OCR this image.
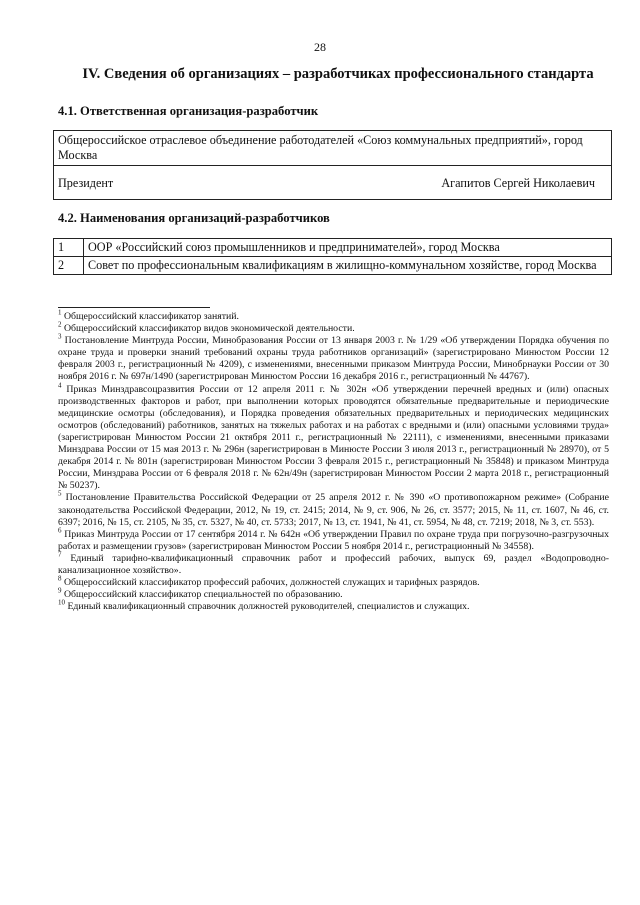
28
IV. Сведения об организациях – разработчиках профессионального стандарта
4.1. Ответственная организация-разработчик
Общероссийское отраслевое объединение работодателей «Союз коммунальных предприятий», город Москва

Президент	Агапитов Сергей Николаевич
4.2. Наименования организаций-разработчиков
1	ООР «Российский союз промышленников и предпринимателей», город Москва
2	Совет по профессиональным квалификациям в жилищно-коммунальном хозяйстве, город Москва

$^1$ Общероссийский классификатор занятий.

$^2$ Общероссийский классификатор видов экономической деятельности.

$^3$ Постановление Минтруда России, Минобразования России от 13 января 2003 г. № 1/29 «Об утверждении Порядка обучения по охране труда и проверки знаний требований охраны труда работников организаций» (зарегистрировано Минюстом России 12 февраля 2003 г., регистрационный № 4209), с изменениями, внесенными приказом Минтруда России, Минобрнауки России от 30 ноября 2016 г. № 697н/1490 (зарегистрирован Минюстом России 16 декабря 2016 г., регистрационный № 44767).

$^4$ Приказ Минздравсоцразвития России от 12 апреля 2011 г. № 302н «Об утверждении перечней вредных и (или) опасных производственных факторов и работ, при выполнении которых проводятся обязательные предварительные и периодические медицинские осмотры (обследования), и Порядка проведения обязательных предварительных и периодических медицинских осмотров (обследований) работников, занятых на тяжелых работах и на работах с вредными и (или) опасными условиями труда» (зарегистрирован Минюстом России 21 октября 2011 г., регистрационный № 22111), с изменениями, внесенными приказами Минздрава России от 15 мая 2013 г. № 296н (зарегистрирован в Минюсте России 3 июля 2013 г., регистрационный № 28970), от 5 декабря 2014 г. № 801н (зарегистрирован Минюстом России 3 февраля 2015 г., регистрационный № 35848) и приказом Минтруда России, Минздрава России от 6 февраля 2018 г. № 62н/49н (зарегистрирован Минюстом России 2 марта 2018 г., регистрационный № 50237).

$^5$ Постановление Правительства Российской Федерации от 25 апреля 2012 г. № 390 «О противопожарном режиме» (Собрание законодательства Российской Федерации, 2012, № 19, ст. 2415; 2014, № 9, ст. 906, № 26, ст. 3577; 2015, № 11, ст. 1607, № 46, ст. 6397; 2016, № 15, ст. 2105, № 35, ст. 5327, № 40, ст. 5733; 2017, № 13, ст. 1941, № 41, ст. 5954, № 48, ст. 7219; 2018, № 3, ст. 553).

$^6$ Приказ Минтруда России от 17 сентября 2014 г. № 642н «Об утверждении Правил по охране труда при погрузочно-разгрузочных работах и размещении грузов» (зарегистрирован Минюстом России 5 ноября 2014 г., регистрационный № 34558).

$^7$ Единый тарифно-квалификационный справочник работ и профессий рабочих, выпуск 69, раздел «Водопроводно-канализационное хозяйство».

$^8$ Общероссийский классификатор профессий рабочих, должностей служащих и тарифных разрядов.

$^9$ Общероссийский классификатор специальностей по образованию.

$^{10}$ Единый квалификационный справочник должностей руководителей, специалистов и служащих.
